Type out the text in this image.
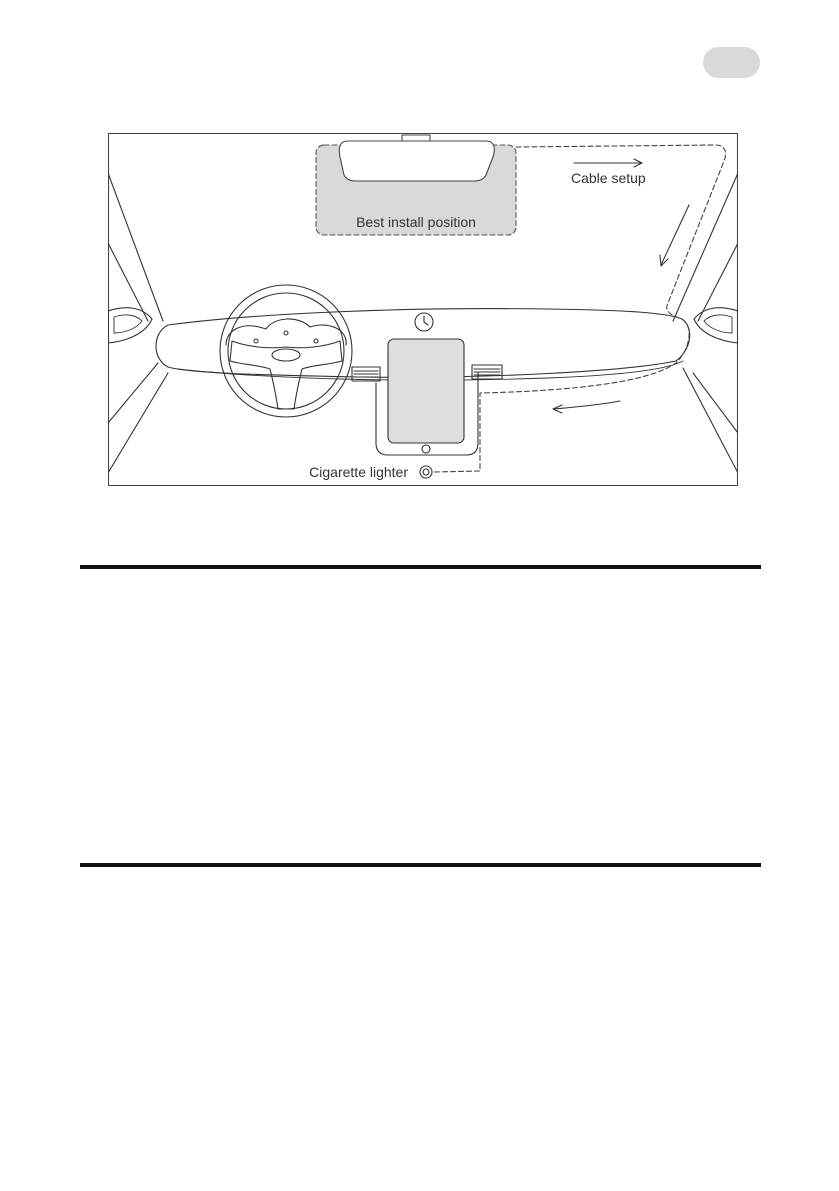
Best install position
Cable setup
Cigarette lighter
